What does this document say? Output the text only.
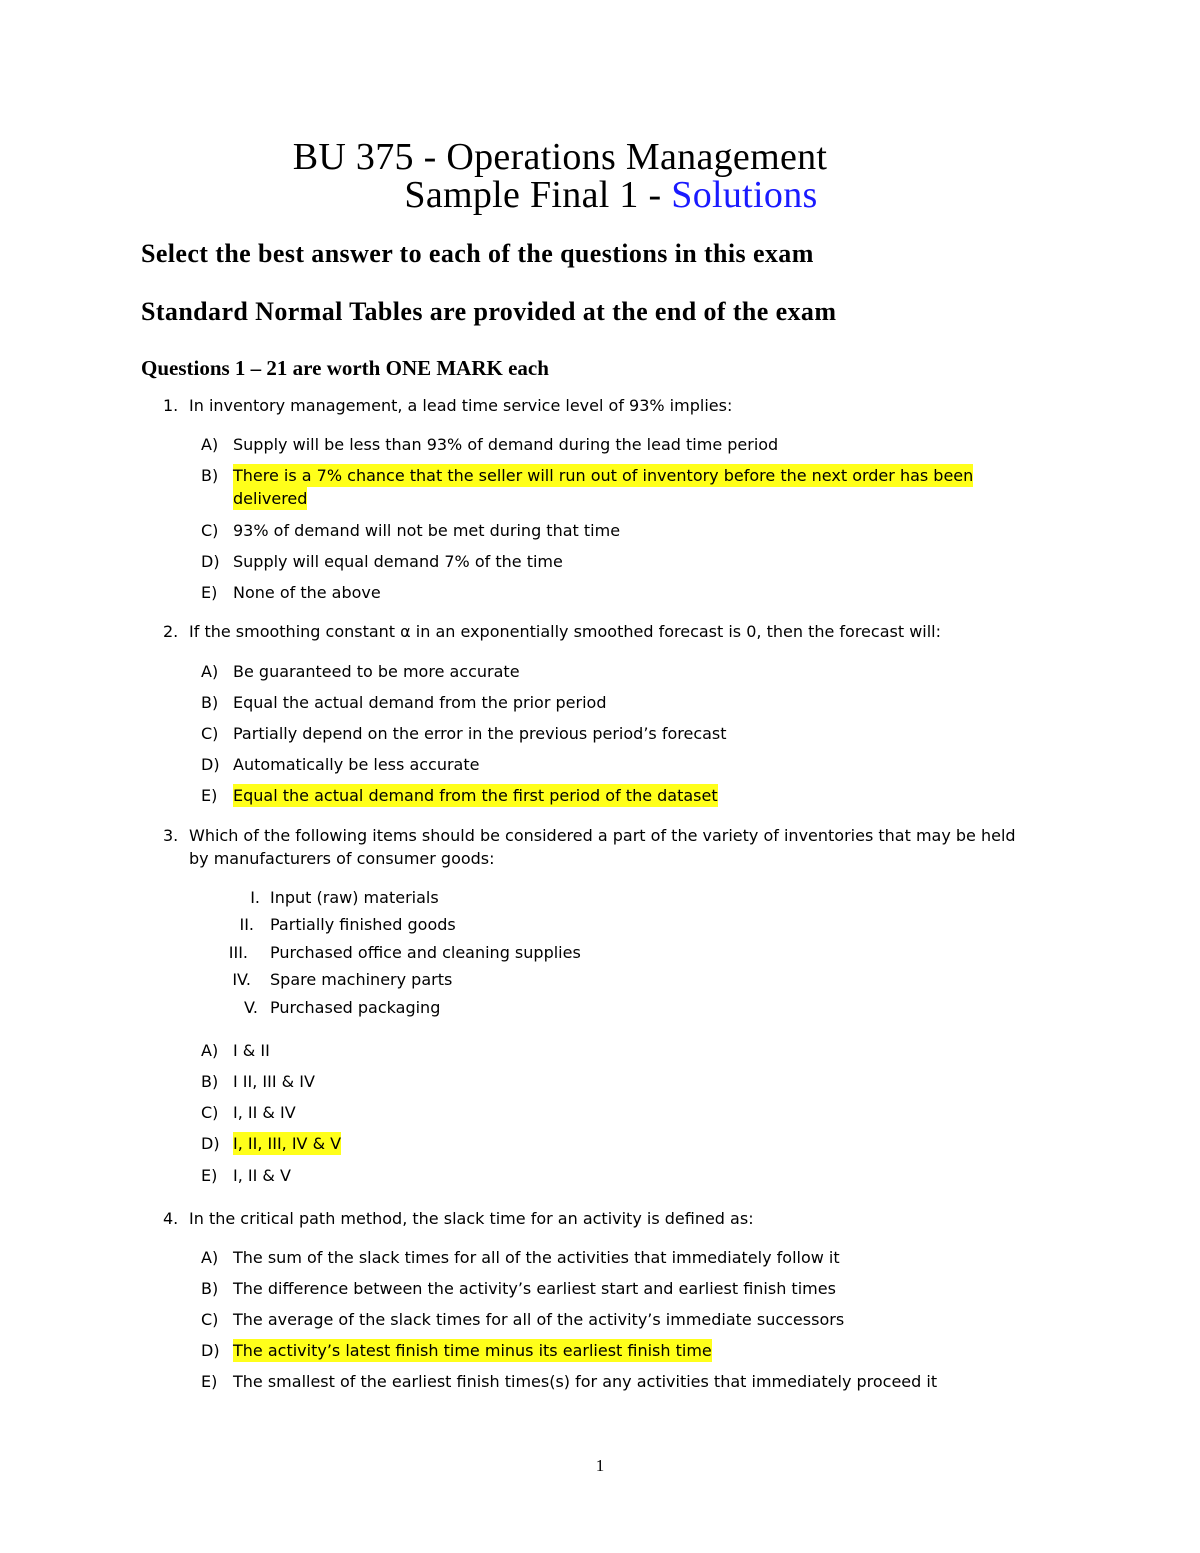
BU 375 - Operations Management
Sample Final 1 - Solutions
Select the best answer to each of the questions in this exam
Standard Normal Tables are provided at the end of the exam
Questions 1 – 21 are worth ONE MARK each
1. In inventory management, a lead time service level of 93% implies:
A) Supply will be less than 93% of demand during the lead time period
B) There is a 7% chance that the seller will run out of inventory before the next order has been
delivered
C) 93% of demand will not be met during that time
D) Supply will equal demand 7% of the time
E) None of the above
2. If the smoothing constant α in an exponentially smoothed forecast is 0, then the forecast will:
A) Be guaranteed to be more accurate
B) Equal the actual demand from the prior period
C) Partially depend on the error in the previous period’s forecast
D) Automatically be less accurate
E) Equal the actual demand from the first period of the dataset
3. Which of the following items should be considered a part of the variety of inventories that may be held
by manufacturers of consumer goods:
I. Input (raw) materials
II. Partially finished goods
III. Purchased office and cleaning supplies
IV. Spare machinery parts
V. Purchased packaging
A) I & II
B) I II, III & IV
C) I, II & IV
D) I, II, III, IV & V
E) I, II & V
4. In the critical path method, the slack time for an activity is defined as:
A) The sum of the slack times for all of the activities that immediately follow it
B) The difference between the activity’s earliest start and earliest finish times
C) The average of the slack times for all of the activity’s immediate successors
D) The activity’s latest finish time minus its earliest finish time
E) The smallest of the earliest finish times(s) for any activities that immediately proceed it
1
